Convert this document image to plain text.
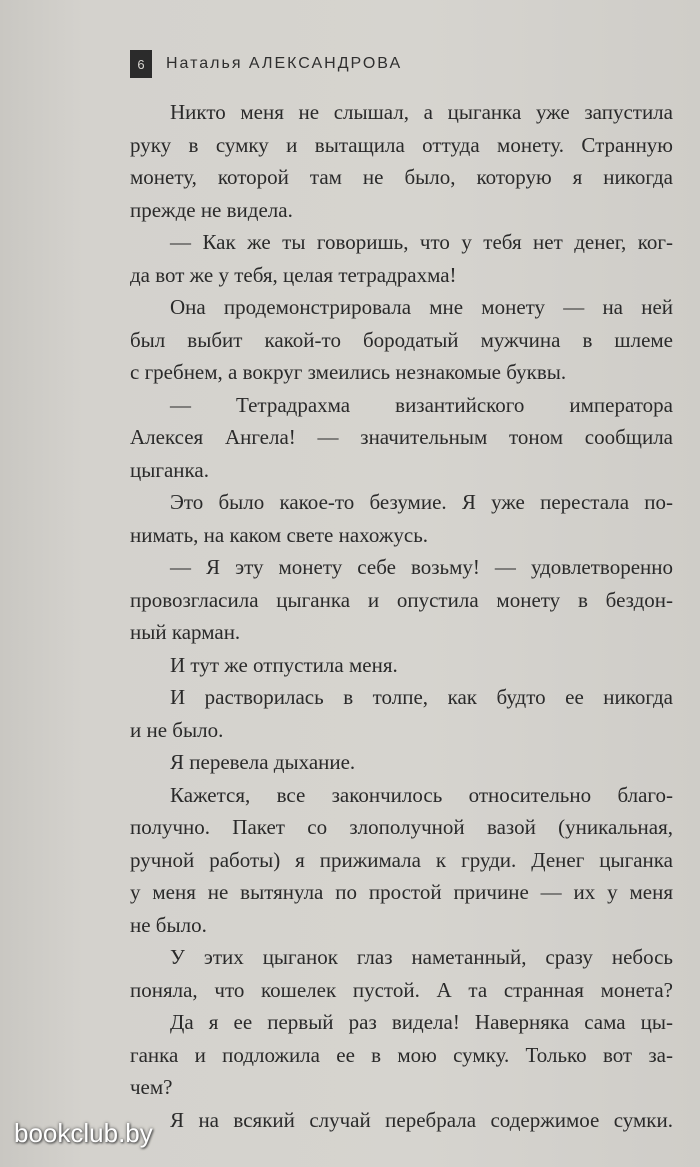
6	Наталья АЛЕКСАНДРОВА
Никто меня не слышал, а цыганка уже запустила
руку в сумку и вытащила оттуда монету. Странную
монету, которой там не было, которую я никогда
прежде не видела.
— Как же ты говоришь, что у тебя нет денег, ког-
да вот же у тебя, целая тетрадрахма!
Она продемонстрировала мне монету — на ней
был выбит какой-то бородатый мужчина в шлеме
с гребнем, а вокруг змеились незнакомые буквы.
— Тетрадрахма византийского императора
Алексея Ангела! — значительным тоном сообщила
цыганка.
Это было какое-то безумие. Я уже перестала по-
нимать, на каком свете нахожусь.
— Я эту монету себе возьму! — удовлетворенно
провозгласила цыганка и опустила монету в бездон-
ный карман.
И тут же отпустила меня.
И растворилась в толпе, как будто ее никогда
и не было.
Я перевела дыхание.
Кажется, все закончилось относительно благо-
получно. Пакет со злополучной вазой (уникальная,
ручной работы) я прижимала к груди. Денег цыганка
у меня не вытянула по простой причине — их у меня
не было.
У этих цыганок глаз наметанный, сразу небось
поняла, что кошелек пустой. А та странная монета?
Да я ее первый раз видела! Наверняка сама цы-
ганка и подложила ее в мою сумку. Только вот за-
чем?
Я на всякий случай перебрала содержимое сумки.
bookclub.by
